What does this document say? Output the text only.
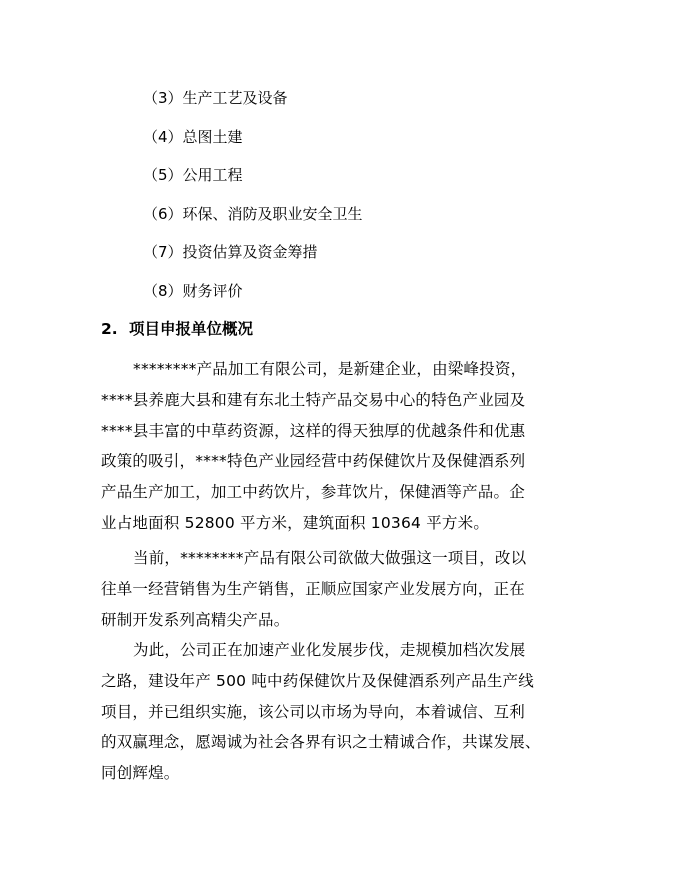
（3）生产工艺及设备
（4）总图土建
（5）公用工程
（6）环保、消防及职业安全卫生
（7）投资估算及资金筹措
（8）财务评价
2. 项目申报单位概况
********产品加工有限公司，是新建企业，由梁峰投资，
****县养鹿大县和建有东北土特产品交易中心的特色产业园及
****县丰富的中草药资源，这样的得天独厚的优越条件和优惠
政策的吸引，****特色产业园经营中药保健饮片及保健酒系列
产品生产加工，加工中药饮片，参茸饮片，保健酒等产品。企
业占地面积 52800 平方米，建筑面积 10364 平方米。
当前，********产品有限公司欲做大做强这一项目，改以
往单一经营销售为生产销售，正顺应国家产业发展方向，正在
研制开发系列高精尖产品。
为此，公司正在加速产业化发展步伐，走规模加档次发展
之路，建设年产 500 吨中药保健饮片及保健酒系列产品生产线
项目，并已组织实施，该公司以市场为导向，本着诚信、互利
的双赢理念，愿竭诚为社会各界有识之士精诚合作，共谋发展、
同创辉煌。
